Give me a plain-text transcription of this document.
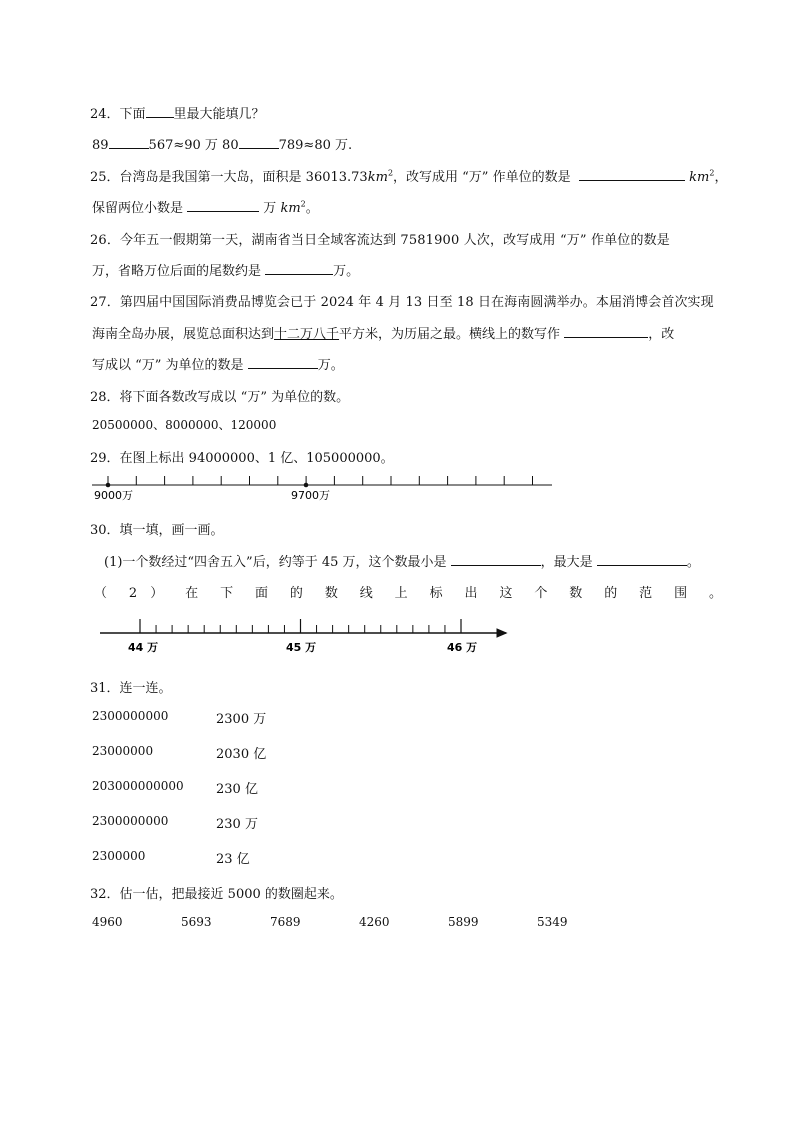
24．下面 里最大能填几？
89	567≈90 万 80	789≈80 万.
25．台湾岛是我国第一大岛，面积是 $36013.73km^2$，改写成用 “万” 作单位的数是	$km^2$，
保留两位小数是	万 $km^2$。
26．今年五一假期第一天，湖南省当日全域客流达到 7581900 人次，改写成用 “万” 作单位的数是
万，省略万位后面的尾数约是	万。
27．第四届中国国际消费品博览会已于 2024 年 4 月 13 日至 18 日在海南圆满举办。本届消博会首次实现
海南全岛办展，展览总面积达到十二万八千平方米，为历届之最。横线上的数写作	，改
写成以 “万” 为单位的数是	万。
28．将下面各数改写成以 “万” 为单位的数。
20500000、8000000、120000
29．在图上标出 94000000、1 亿、105000000。
9000万	9700万
30．填一填，画一画。
(1)一个数经过“四舍五入”后，约等于 45 万，这个数最小是	，最大是	。
（ 2 ） 在 下 面 的 数 线 上 标 出 这 个 数 的 范 围 。
44 万	45 万	46 万
31．连一连。
2300000000
23000000
203000000000
2300000000
2300000
2300 万
2030 亿
230 亿
230 万
23 亿
32．估一估，把最接近 5000 的数圈起来。
4960	5693	7689	4260	5899	5349
